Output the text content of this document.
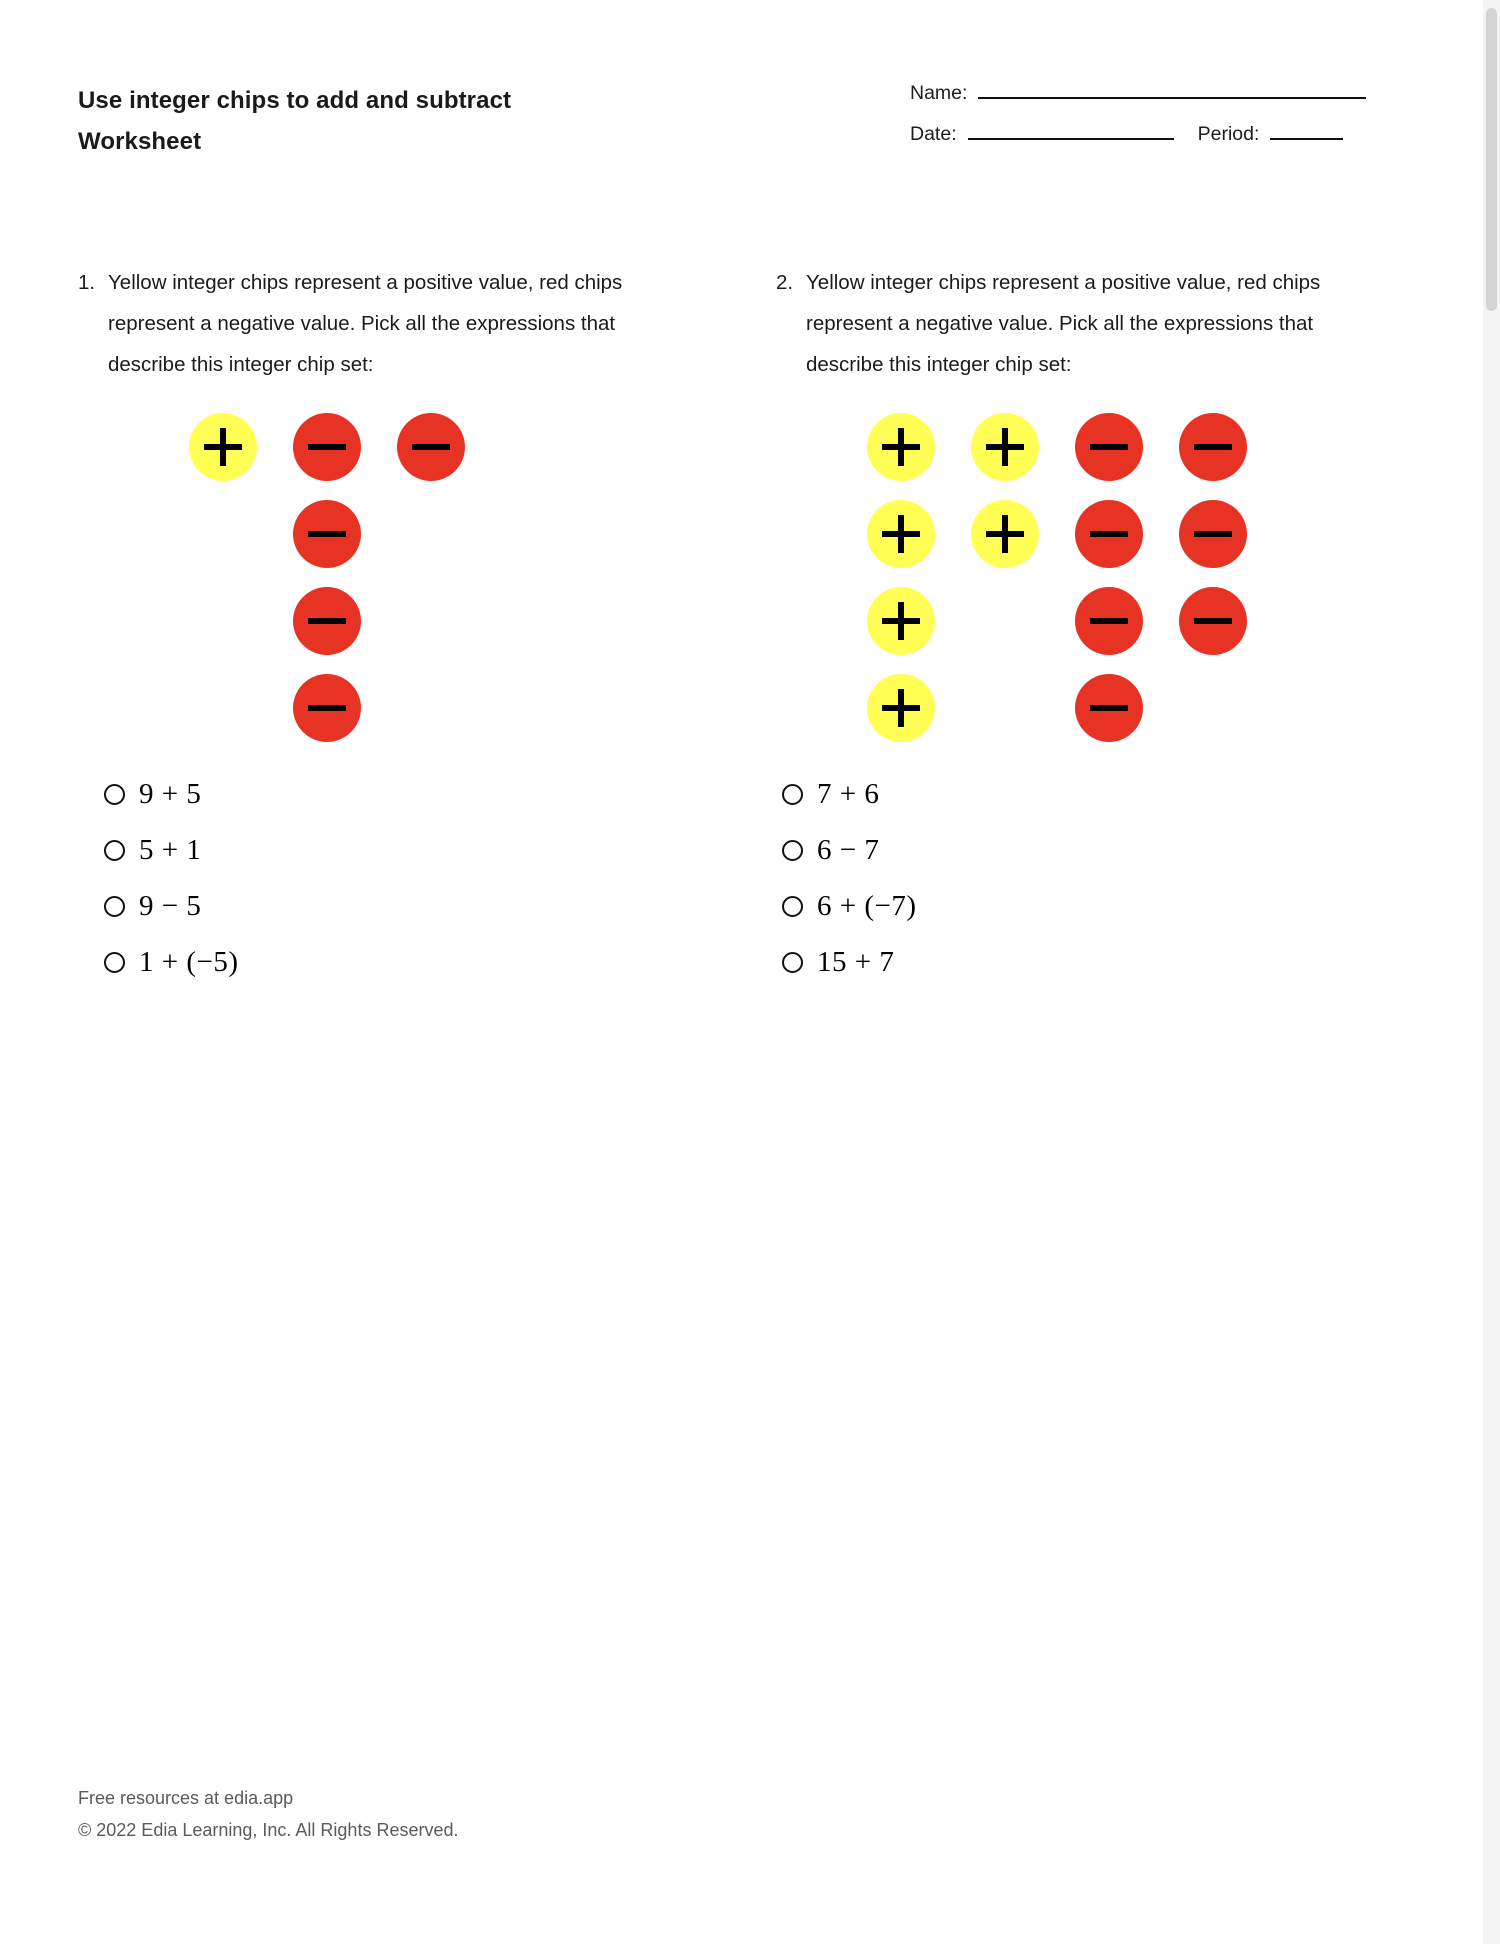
Use integer chips to add and subtract
Worksheet
Name:
Date:	Period:
1. Yellow integer chips represent a positive value, red chips represent a negative value. Pick all the expressions that describe this integer chip set:
9 + 5
5 + 1
9 − 5
1 + (−5)
2. Yellow integer chips represent a positive value, red chips represent a negative value. Pick all the expressions that describe this integer chip set:
7 + 6
6 − 7
6 + (−7)
15 + 7
Free resources at edia.app
© 2022 Edia Learning, Inc. All Rights Reserved.
